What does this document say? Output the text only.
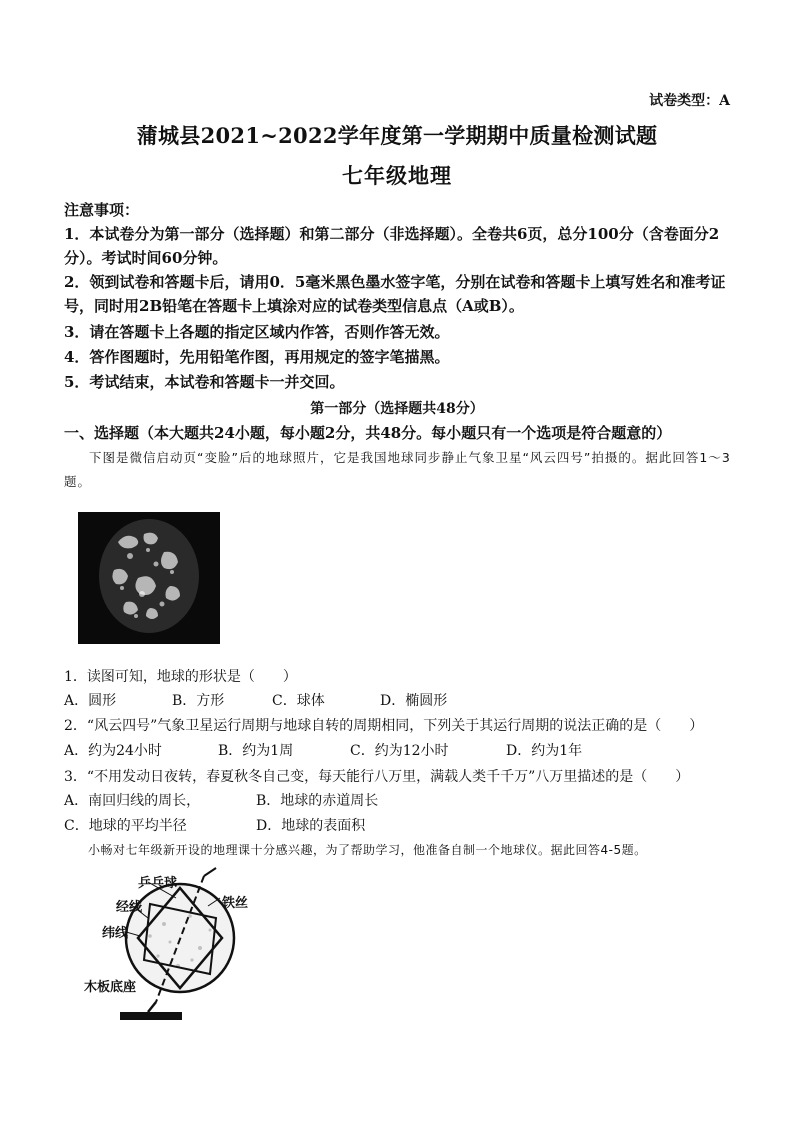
试卷类型：A
蒲城县2021~2022学年度第一学期期中质量检测试题
七年级地理
注意事项：
1．本试卷分为第一部分（选择题）和第二部分（非选择题）。全卷共6页，总分100分（含卷面分2分）。考试时间60分钟。
2．领到试卷和答题卡后，请用0．5毫米黑色墨水签字笔，分别在试卷和答题卡上填写姓名和准考证号，同时用2B铅笔在答题卡上填涂对应的试卷类型信息点（A或B）。
3．请在答题卡上各题的指定区域内作答，否则作答无效。
4．答作图题时，先用铅笔作图，再用规定的签字笔描黑。
5．考试结束，本试卷和答题卡一并交回。
第一部分（选择题共48分）
一、选择题（本大题共24小题，每小题2分，共48分。每小题只有一个选项是符合题意的）
下图是微信启动页“变脸”后的地球照片，它是我国地球同步静止气象卫星“风云四号”拍摄的。据此回答1～3题。
1．读图可知，地球的形状是（　　）
A．圆形	B．方形	C．球体	D．椭圆形
2．“风云四号”气象卫星运行周期与地球自转的周期相同，下列关于其运行周期的说法正确的是（　　）
A．约为24小时	B．约为1周	C．约为12小时	D．约为1年
3．“不用发动日夜转，春夏秋冬自己变，每天能行八万里，满载人类千千万”八万里描述的是（　　）
A．南回归线的周长，	B．地球的赤道周长
C．地球的平均半径	D．地球的表面积
小畅对七年级新开设的地理课十分感兴趣，为了帮助学习，他准备自制一个地球仪。据此回答4-5题。
乒乓球
铁丝
经线
纬线
木板底座
